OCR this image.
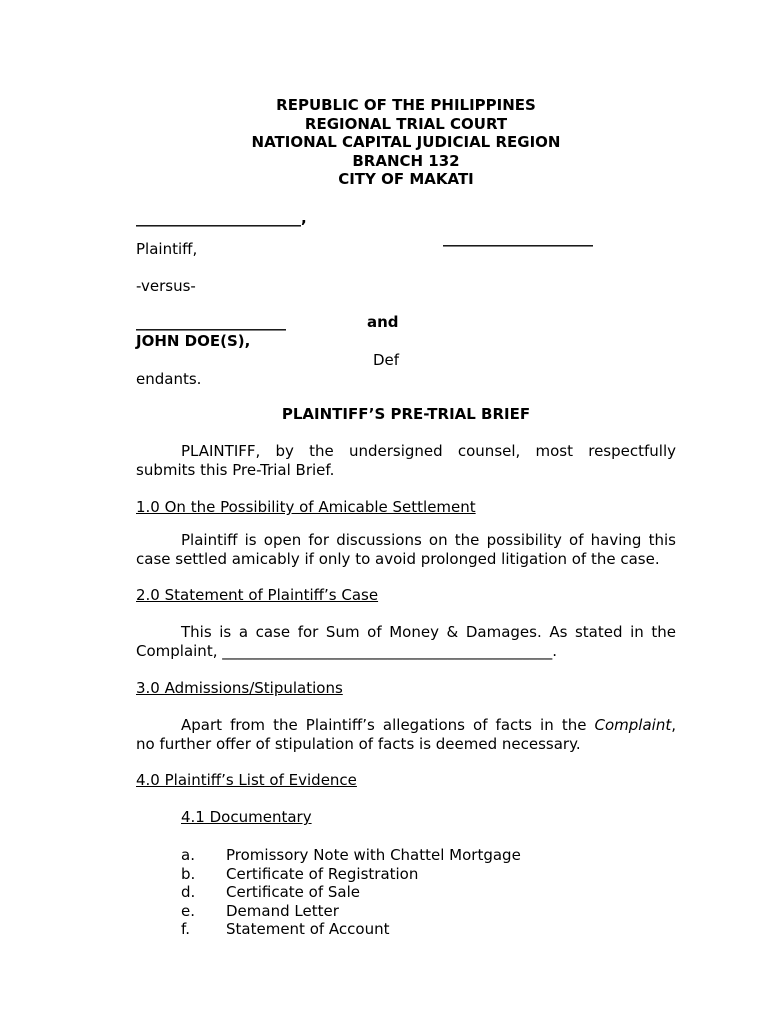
REPUBLIC OF THE PHILIPPINES
REGIONAL TRIAL COURT
NATIONAL CAPITAL JUDICIAL REGION
BRANCH 132
CITY OF MAKATI
______________________,
____________________
Plaintiff,
-versus-
____________________	and
JOHN DOE(S),
Def
endants.
PLAINTIFF’S PRE-TRIAL BRIEF
PLAINTIFF, by the undersigned counsel, most respectfully
submits this Pre-Trial Brief.
1.0 On the Possibility of Amicable Settlement
Plaintiff is open for discussions on the possibility of having this
case settled amicably if only to avoid prolonged litigation of the case.
2.0 Statement of Plaintiff’s Case
This is a case for Sum of Money & Damages. As stated in the
Complaint, ____________________________________________.
3.0 Admissions/Stipulations
Apart from the Plaintiff’s allegations of facts in the Complaint,
no further offer of stipulation of facts is deemed necessary.
4.0 Plaintiff’s List of Evidence
4.1 Documentary
a.	Promissory Note with Chattel Mortgage
b.	Certificate of Registration
d.	Certificate of Sale
e.	Demand Letter
f.	Statement of Account
